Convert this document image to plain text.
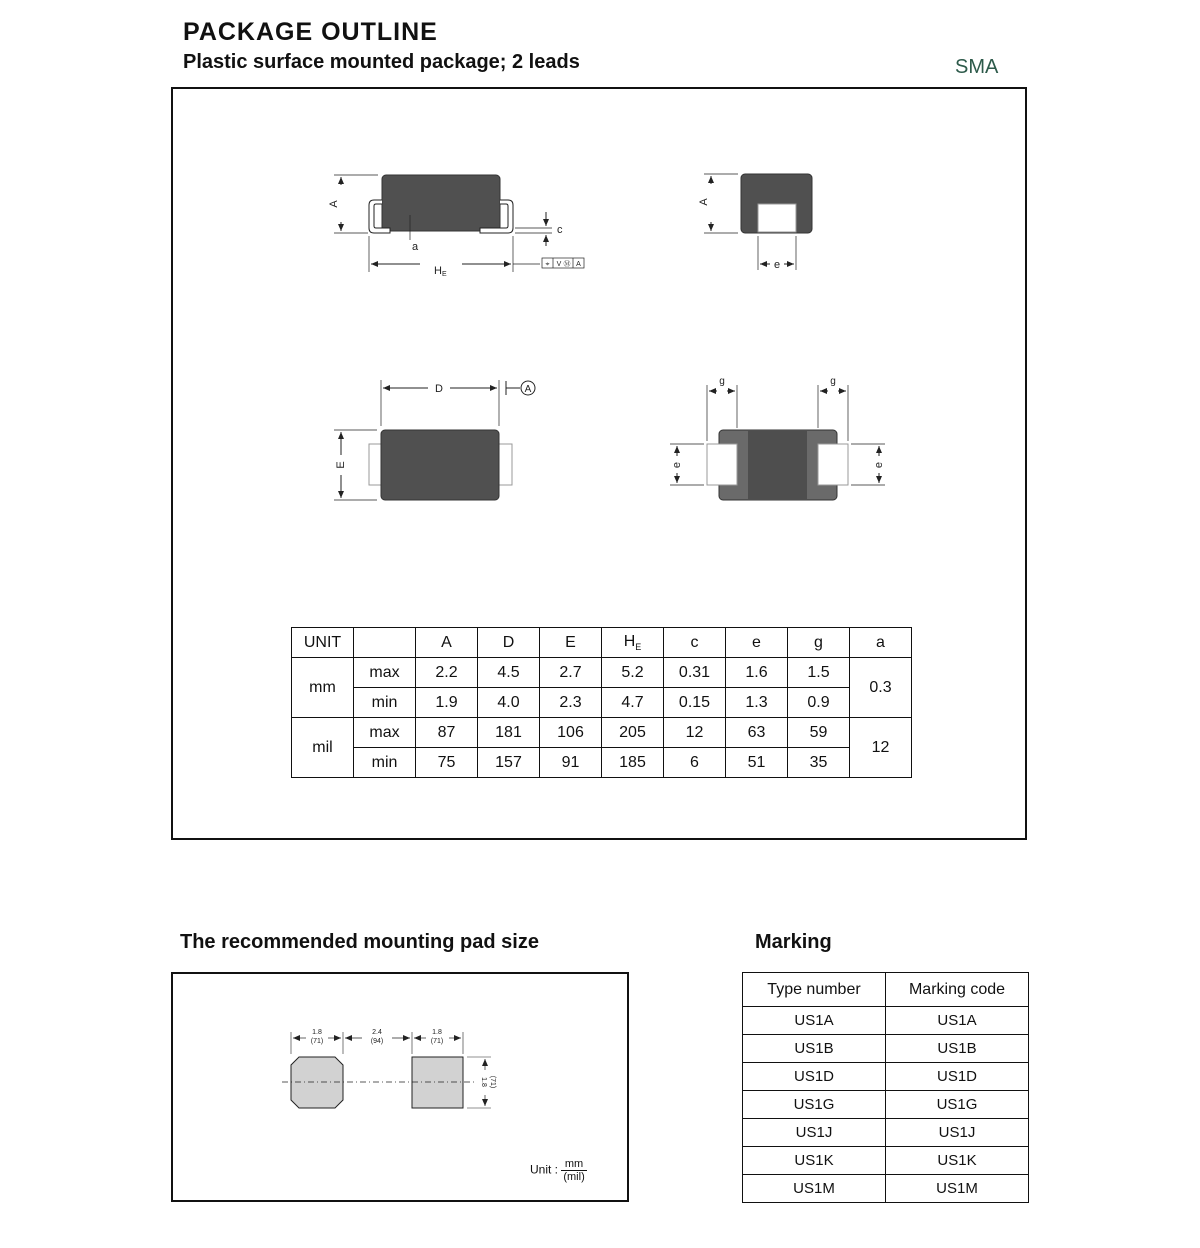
PACKAGE OUTLINE
Plastic surface mounted package; 2 leads	SMA
A
a
c
HE
⌖ V Ⓜ A
A
e
D	A
E
g	g
e	e
1.8
(71)
2.4
(94)
1.8
(71)
1.8 (71)
UNIT		A	D	E	$H_E$	c	e	g	a
mm	max	2.2	4.5	2.7	5.2	0.31	1.6	1.5	0.3
	min	1.9	4.0	2.3	4.7	0.15	1.3	0.9	
mil	max	87	181	106	205	12	63	59	12
	min	75	157	91	185	6	51	35	
The recommended mounting pad size	Marking
Unit : $\frac{mm}{\text{(mil)}}$
Type number	Marking code
US1A	US1A
US1B	US1B
US1D	US1D
US1G	US1G
US1J	US1J
US1K	US1K
US1M	US1M
